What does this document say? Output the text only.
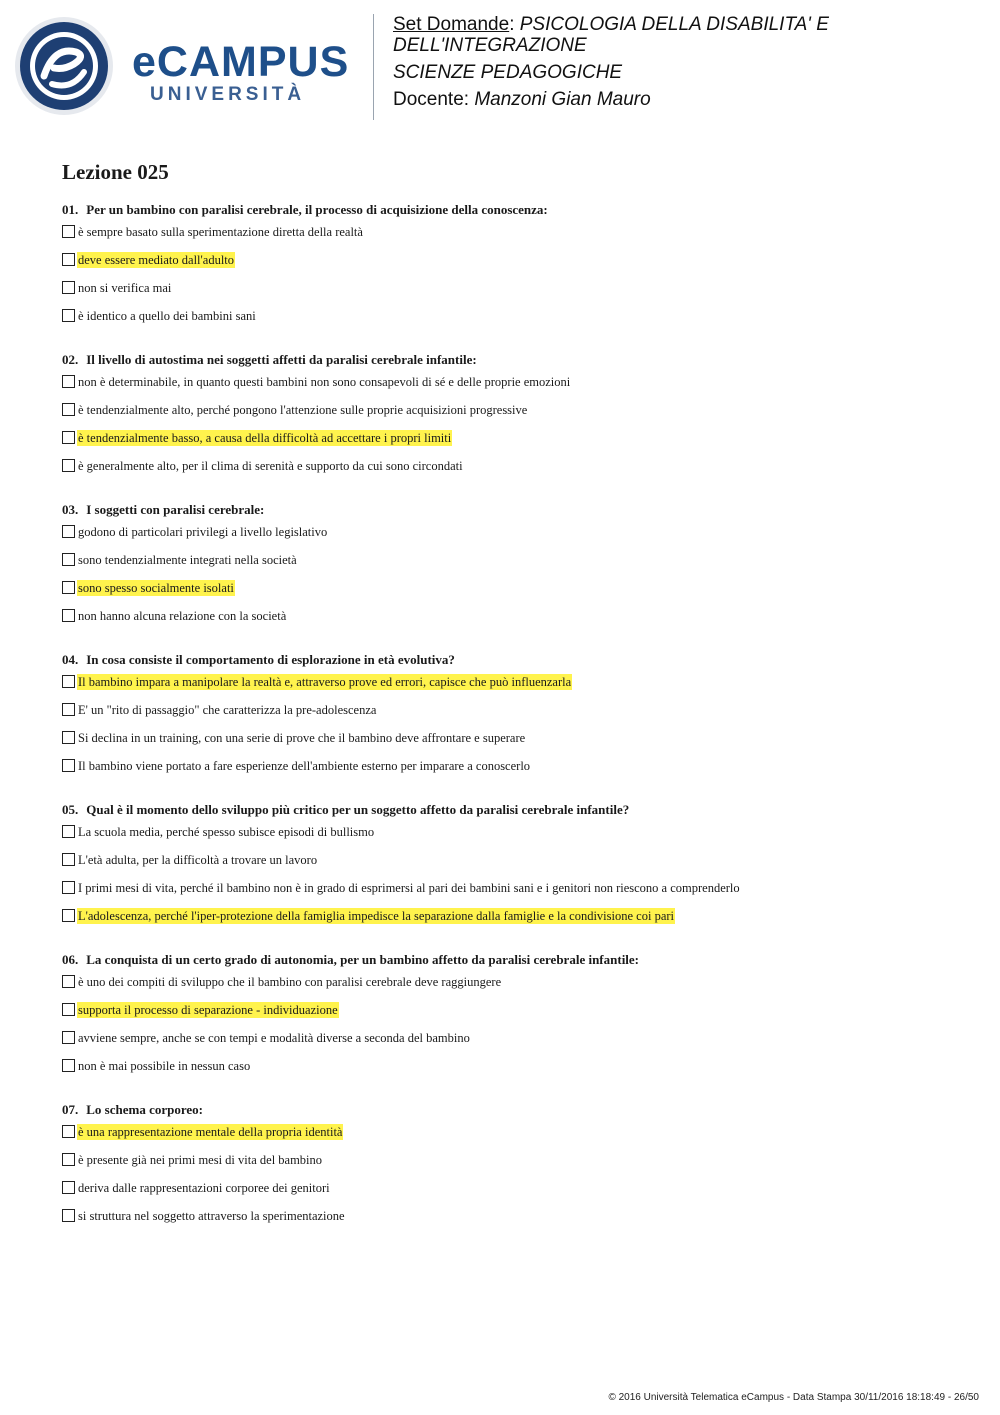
eCAMPUS
UNIVERSITÀ
Set Domande: PSICOLOGIA DELLA DISABILITA' E DELL'INTEGRAZIONE
SCIENZE PEDAGOGICHE
Docente: Manzoni Gian Mauro
Lezione 025
01. Per un bambino con paralisi cerebrale, il processo di acquisizione della conoscenza:
è sempre basato sulla sperimentazione diretta della realtà
deve essere mediato dall'adulto
non si verifica mai
è identico a quello dei bambini sani
02. Il livello di autostima nei soggetti affetti da paralisi cerebrale infantile:
non è determinabile, in quanto questi bambini non sono consapevoli di sé e delle proprie emozioni
è tendenzialmente alto, perché pongono l'attenzione sulle proprie acquisizioni progressive
è tendenzialmente basso, a causa della difficoltà ad accettare i propri limiti
è generalmente alto, per il clima di serenità e supporto da cui sono circondati
03. I soggetti con paralisi cerebrale:
godono di particolari privilegi a livello legislativo
sono tendenzialmente integrati nella società
sono spesso socialmente isolati
non hanno alcuna relazione con la società
04. In cosa consiste il comportamento di esplorazione in età evolutiva?
Il bambino impara a manipolare la realtà e, attraverso prove ed errori, capisce che può influenzarla
E' un "rito di passaggio" che caratterizza la pre-adolescenza
Si declina in un training, con una serie di prove che il bambino deve affrontare e superare
Il bambino viene portato a fare esperienze dell'ambiente esterno per imparare a conoscerlo
05. Qual è il momento dello sviluppo più critico per un soggetto affetto da paralisi cerebrale infantile?
La scuola media, perché spesso subisce episodi di bullismo
L'età adulta, per la difficoltà a trovare un lavoro
I primi mesi di vita, perché il bambino non è in grado di esprimersi al pari dei bambini sani e i genitori non riescono a comprenderlo
L'adolescenza, perché l'iper-protezione della famiglia impedisce la separazione dalla famiglie e la condivisione coi pari
06. La conquista di un certo grado di autonomia, per un bambino affetto da paralisi cerebrale infantile:
è uno dei compiti di sviluppo che il bambino con paralisi cerebrale deve raggiungere
supporta il processo di separazione - individuazione
avviene sempre, anche se con tempi e modalità diverse a seconda del bambino
non è mai possibile in nessun caso
07. Lo schema corporeo:
è una rappresentazione mentale della propria identità
è presente già nei primi mesi di vita del bambino
deriva dalle rappresentazioni corporee dei genitori
si struttura nel soggetto attraverso la sperimentazione
© 2016 Università Telematica eCampus - Data Stampa 30/11/2016 18:18:49 - 26/50
